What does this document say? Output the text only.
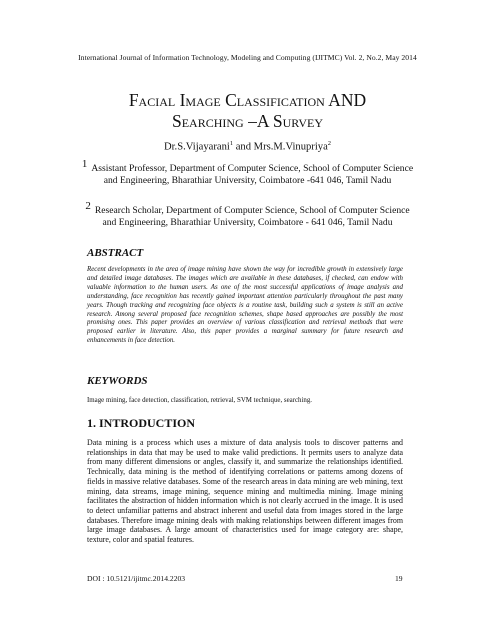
International Journal of Information Technology, Modeling and Computing (IJITMC) Vol. 2, No.2, May 2014
Facial Image Classification AND
Searching –A Survey
Dr.S.Vijayarani$^1$ and Mrs.M.Vinupriya$^2$
$^1$ Assistant Professor, Department of Computer Science, School of Computer Science and Engineering, Bharathiar University, Coimbatore -641 046, Tamil Nadu
$^2$ Research Scholar, Department of Computer Science, School of Computer Science and Engineering, Bharathiar University, Coimbatore - 641 046, Tamil Nadu
ABSTRACT
Recent developments in the area of image mining have shown the way for incredible growth in extensively large and detailed image databases. The images which are available in these databases, if checked, can endow with valuable information to the human users. As one of the most successful applications of image analysis and understanding, face recognition has recently gained important attention particularly throughout the past many years. Though tracking and recognizing face objects is a routine task, building such a system is still an active research. Among several proposed face recognition schemes, shape based approaches are possibly the most promising ones. This paper provides an overview of various classification and retrieval methods that were proposed earlier in literature. Also, this paper provides a marginal summary for future research and enhancements in face detection.
KEYWORDS
Image mining, face detection, classification, retrieval, SVM technique, searching.
1. INTRODUCTION
Data mining is a process which uses a mixture of data analysis tools to discover patterns and relationships in data that may be used to make valid predictions. It permits users to analyze data from many different dimensions or angles, classify it, and summarize the relationships identified. Technically, data mining is the method of identifying correlations or patterns among dozens of fields in massive relative databases. Some of the research areas in data mining are web mining, text mining, data streams, image mining, sequence mining and multimedia mining. Image mining facilitates the abstraction of hidden information which is not clearly accrued in the image. It is used to detect unfamiliar patterns and abstract inherent and useful data from images stored in the large databases. Therefore image mining deals with making relationships between different images from large image databases. A large amount of characteristics used for image category are: shape, texture, color and spatial features.
DOI : 10.5121/ijitmc.2014.2203	19
